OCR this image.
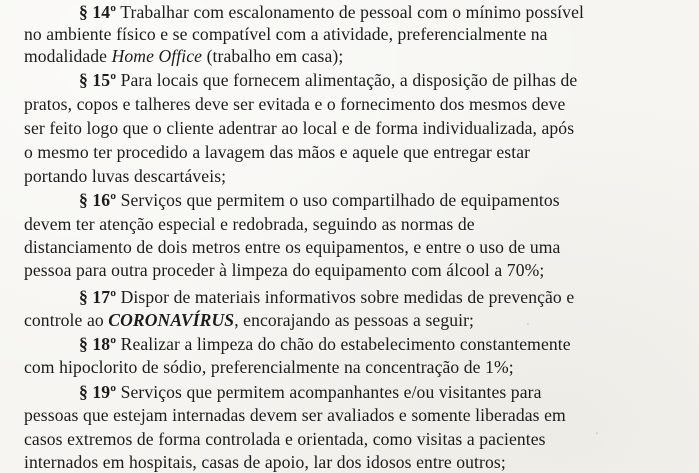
§ 14º Trabalhar com escalonamento de pessoal com o mínimo possível
no ambiente físico e se compatível com a atividade, preferencialmente na
modalidade Home Office (trabalho em casa);
§ 15º Para locais que fornecem alimentação, a disposição de pilhas de
pratos, copos e talheres deve ser evitada e o fornecimento dos mesmos deve
ser feito logo que o cliente adentrar ao local e de forma individualizada, após
o mesmo ter procedido a lavagem das mãos e aquele que entregar estar
portando luvas descartáveis;
§ 16º Serviços que permitem o uso compartilhado de equipamentos
devem ter atenção especial e redobrada, seguindo as normas de
distanciamento de dois metros entre os equipamentos, e entre o uso de uma
pessoa para outra proceder à limpeza do equipamento com álcool a 70%;
§ 17º Dispor de materiais informativos sobre medidas de prevenção e
controle ao CORONAVÍRUS, encorajando as pessoas a seguir;
§ 18º Realizar a limpeza do chão do estabelecimento constantemente
com hipoclorito de sódio, preferencialmente na concentração de 1%;
§ 19º Serviços que permitem acompanhantes e/ou visitantes para
pessoas que estejam internadas devem ser avaliados e somente liberadas em
casos extremos de forma controlada e orientada, como visitas a pacientes
internados em hospitais, casas de apoio, lar dos idosos entre outros;
‧
‧
